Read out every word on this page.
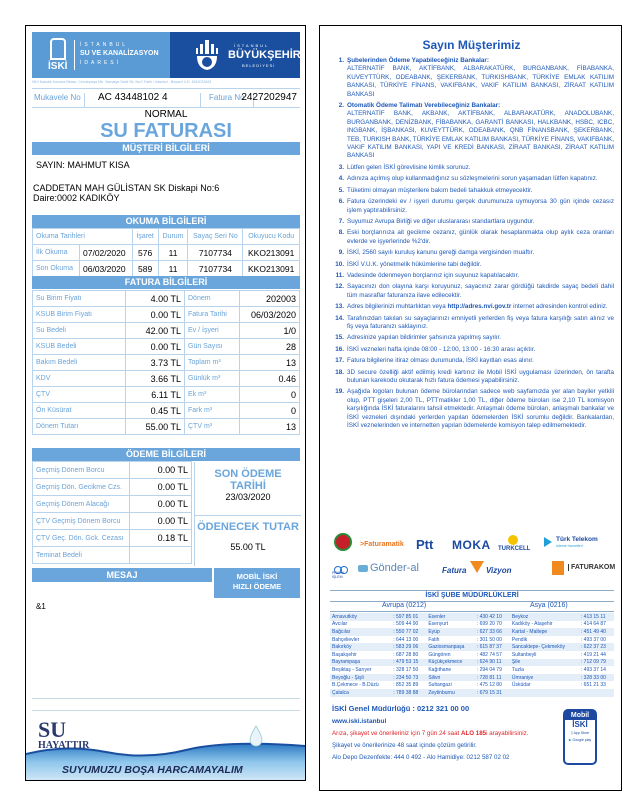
İSKİ
İSTANBUL
SU VE KANALİZASYON
İDARESİ
İSTANBUL
BÜYÜKŞEHİR
BELEDİYESİ
İSKİ Katodik Koruma Binası, Cerrahpaşa Mh. Samatya Sahil Sk. No:2 Fatih / İstanbul - Beyazıt V.D. 4810033481
Mukavele No	AC 43448102 4	Fatura No
2427202947
NORMAL
SU FATURASI
MÜŞTERİ BİLGİLERİ
SAYIN: MAHMUT KISA
CADDETAN MAH GÜLİSTAN SK Diskapi No:6
Daire:0002 KADIKÖY
OKUMA BİLGİLERİ
Okuma Tarihleri		İşaret	Durum	Sayaç Seri No	Okuyucu Kodu
İlk Okuma	07/02/2020	576	11	7107734	KKO213091
Son Okuma	06/03/2020	589	11	7107734	KKO213091
FATURA BİLGİLERİ
Su Birim Fiyatı	4.00 TL	Dönem	202003
KSUB Birim Fiyatı	0.00 TL	Fatura Tarihi	06/03/2020
Su Bedeli	42.00 TL	Ev / İşyeri	1/0
KSUB Bedeli	0.00 TL	Gün Sayısı	28
Bakım Bedeli	3.73 TL	Toplam m³	13
KDV	3.66 TL	Günlük m³	0.46
ÇTV	6.11 TL	Ek m³	0
Ön Küsürat	0.45 TL	Fark m³	0
Dönem Tutarı	55.00 TL	ÇTV m³	13
ÖDEME BİLGİLERİ
Geçmiş Dönem Borcu	0.00 TL
Geçmiş Dön. Gecikme Czs.	0.00 TL
Geçmiş Dönem Alacağı	0.00 TL
ÇTV Geçmiş Dönem Borcu	0.00 TL
ÇTV Geç. Dön. Gck. Cezası	0.18 TL
Teminat Bedeli	
SON ÖDEME TARİHİ
23/03/2020
ÖDENECEK TUTAR
55.00 TL
MESAJ	MOBİL İSKİ
HIZLI ÖDEME
&1
SU
HAYATTIR
SUYUMUZU BOŞA HARCAMAYALIM
Sayın Müşterimiz
1. Şubelerinden Ödeme Yapabileceğiniz Bankalar:
ALTERNATİF BANK, AKTİFBANK, ALBARAKATÜRK, BURGANBANK, FİBABANKA, KUVEYTTÜRK, ODEABANK, ŞEKERBANK, TURKISHBANK, TÜRKİYE EMLAK KATILIM BANKASI, TÜRKİYE FİNANS, VAKIFBANK, VAKIF KATILIM BANKASI, ZİRAAT KATILIM BANKASI
2. Otomatik Ödeme Talimatı Verebileceğiniz Bankalar:
ALTERNATİF BANK, AKBANK, AKTİFBANK, ALBARAKATÜRK, ANADOLUBANK, BURGANBANK, DENİZBANK, FİBABANKA, GARANTİ BANKASI, HALKBANK, HSBC, ICBC, INGBANK, İŞBANKASI, KUVEYTTÜRK, ODEABANK, QNB FİNANSBANK, ŞEKERBANK, TEB, TURKISH BANK, TÜRKİYE EMLAK KATILIM BANKASI, TÜRKİYE FİNANS, VAKIFBANK, VAKIF KATILIM BANKASI, YAPI VE KREDİ BANKASI, ZİRAAT BANKASI, ZİRAAT KATILIM BANKASI
3. Lütfen gelen İSKİ görevlisine kimlik sorunuz.
4. Adınıza açılmış olup kullanmadığınız su sözleşmelerini sorun yaşamadan lütfen kapatınız.
5. Tüketimi olmayan müşterilere bakım bedeli tahakkuk etmeyecektir.
6. Fatura üzerindeki ev / işyeri durumu gerçek durumunuza uymuyorsa 30 gün içinde cezasız işlem yaptırabilirsiniz.
7. Suyumuz Avrupa Birliği ve diğer uluslararası standartlara uygundur.
8. Eski borçlarınıza ait gecikme cezanız, günlük olarak hesaplanmakta olup aylık ceza oranları evlerde ve işyerlerinde %2'dir.
9. İSKİ, 2560 sayılı kuruluş kanunu gereği damga vergisinden muaftır.
10. İSKİ V.U.K. yönetmelik hükümlerine tabi değildir.
11. Vadesinde ödenmeyen borçlarınız için suyunuz kapatılacaktır.
12. Sayacınızı don olayına karşı koruyunuz, sayacınız zarar gördüğü takdirde sayaç bedeli dahil tüm masraflar faturanıza ilave edilecektir.
13. Adres bilgilerinizi muhtarlıktan veya http://adres.nvi.gov.tr internet adresinden kontrol ediniz.
14. Tarafınızdan takılan su sayaçlarınızı emniyetli yerlerden fiş veya fatura karşılığı satın alınız ve fiş veya faturanızı saklayınız.
15. Adresinize yapılan bildirimler şahsınıza yapılmış sayılır.
16. İSKİ vezneleri hafta içinde 08:00 - 12:00, 13:00 - 16:30 arası açıktır.
17. Fatura bilgilerine itiraz olması durumunda, İSKİ kayıtları esas alınır.
18. 3D secure özelliği aktif edilmiş kredi kartınız ile Mobil İSKİ uygulaması üzerinden, ön tarafta bulunan karekodu okutarak hızlı fatura ödemesi yapabilirsiniz.
19. Aşağıda logoları bulunan ödeme bürolarından sadece web sayfamızda yer alan bayiler yetkili olup, PTT gişeleri 2,00 TL, PTTmatikler 1,00 TL, diğer ödeme büroları ise 2,10 TL komisyon karşılığında İSKİ faturalarını tahsil etmektedir. Anlaşmalı ödeme büroları, anlaşmalı bankalar ve İSKİ vezneleri dışındaki yerlerden yapılan ödemelerden İSKİ sorumlu değildir. Bankalardan, İSKİ veznelerinden ve internetten yapılan ödemelerde komisyon talep edilmemektedir.
>Faturamatik Ptt MOKA TURKCELL
Türk Telekom
ödeme hizmetleri
PRATİK İŞLEM
Gönder-al	Fatura Vizyon	FATURAKOM
İSKİ ŞUBE MÜDÜRLÜKLERİ
Avrupa (0212)	Asya (0216)
Arnavutköy	: 597 85 01	Esenler	: 430 42 10	Beykoz	: 413 15 11
Avcılar	: 509 44 90	Esenyurt	: 699 20 70	Kadıköy - Ataşehir	: 414 64 87
Bağcılar	: 550 77 02	Eyüp	: 627 33 66	Kartal - Maltepe	: 451 49 40
Bahçelievler	: 644 13 00	Fatih	: 301 50 00	Pendik	: 493 37 00
Bakırköy	: 583 29 06	Gaziosmanpaşa	: 615 87 37	Sancaktepe- Çekmeköy	: 622 37 23
Başakşehir	: 687 28 80	Güngören	: 482 74 57	Sultanbeyli	: 419 21 44
Bayrampaşa	: 479 53 15	Küçükçekmece	: 624 90 11	Şile	: 712 09 79
Beşiktaş - Sarıyer	: 328 17 50	Kağıthane	: 294 04 79	Tuzla	: 493 37 14
Beyoğlu - Şişli	: 234 50 73	Silivri	: 728 81 11	Ümraniye	: 328 33 00
B.Çekmece - B.Düzü	: 852 35 89	Sultangazi	: 475 12 80	Üsküdar	: 651 21 33
Çatalca	: 789 38 88	Zeytinburnu	: 679 15 31		
İSKİ Genel Müdürlüğü : 0212 321 00 00
www.iski.istanbul
Arıza, şikayet ve önerileriniz için 7 gün 24 saat ALO 185i arayabilirsiniz.
Şikayet ve önerilerinize 48 saat içinde çözüm getirilir.
Alo Depo Dezenfekte: 444 0 492 - Alo Hamidiye: 0212 587 02 02
Mobil
İSKİ
▯ App Store
▶ Google play
